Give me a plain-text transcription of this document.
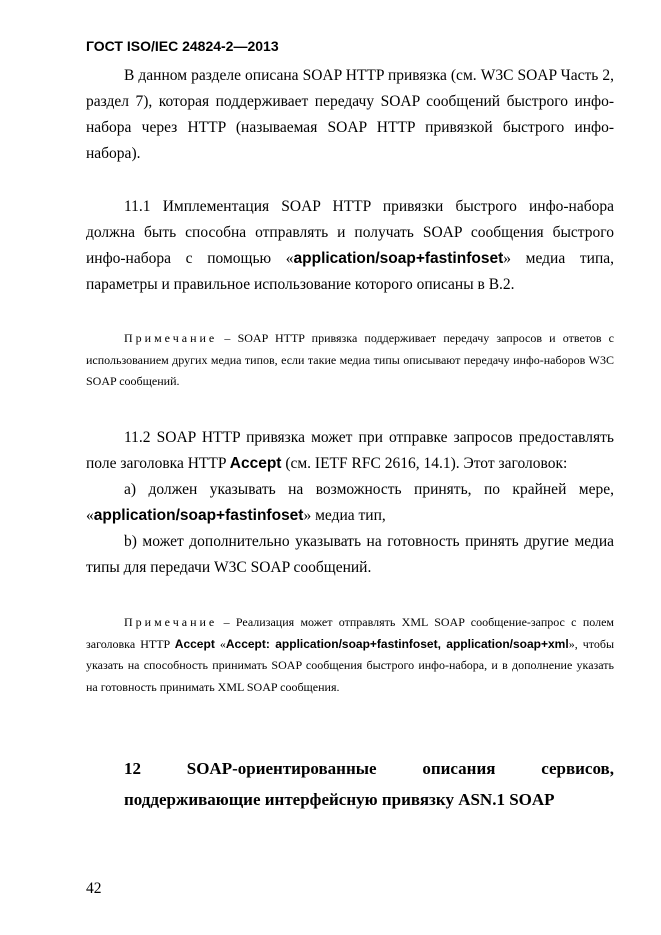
ГОСТ ISO/IEC 24824-2—2013

В данном разделе описана SOAP HTTP привязка (см. W3C SOAP Часть 2, раздел 7), которая поддерживает передачу SOAP сообщений быстрого инфо-набора через HTTP (называемая SOAP HTTP привязкой быстрого инфо-набора).

11.1 Имплементация SOAP HTTP привязки быстрого инфо-набора должна быть способна отправлять и получать SOAP сообщения быстрого инфо-набора с помощью «application/soap+fastinfoset» медиа типа, параметры и правильное использование которого описаны в В.2.

Примечание – SOAP HTTP привязка поддерживает передачу запросов и ответов с использованием других медиа типов, если такие медиа типы описывают передачу инфо-наборов W3C SOAP сообщений.

11.2 SOAP HTTP привязка может при отправке запросов предоставлять поле заголовка HTTP Accept (см. IETF RFC 2616, 14.1). Этот заголовок:

а) должен указывать на возможность принять, по крайней мере, «application/soap+fastinfoset» медиа тип,

b) может дополнительно указывать на готовность принять другие медиа типы для передачи W3C SOAP сообщений.

Примечание – Реализация может отправлять XML SOAP сообщение-запрос с полем заголовка HTTP Accept «Accept: application/soap+fastinfoset, application/soap+xml», чтобы указать на способность принимать SOAP сообщения быстрого инфо-набора, и в дополнение указать на готовность принимать XML SOAP сообщения.

12	SOAP-ориентированные	описания	сервисов,
поддерживающие интерфейсную привязку ASN.1 SOAP
42
